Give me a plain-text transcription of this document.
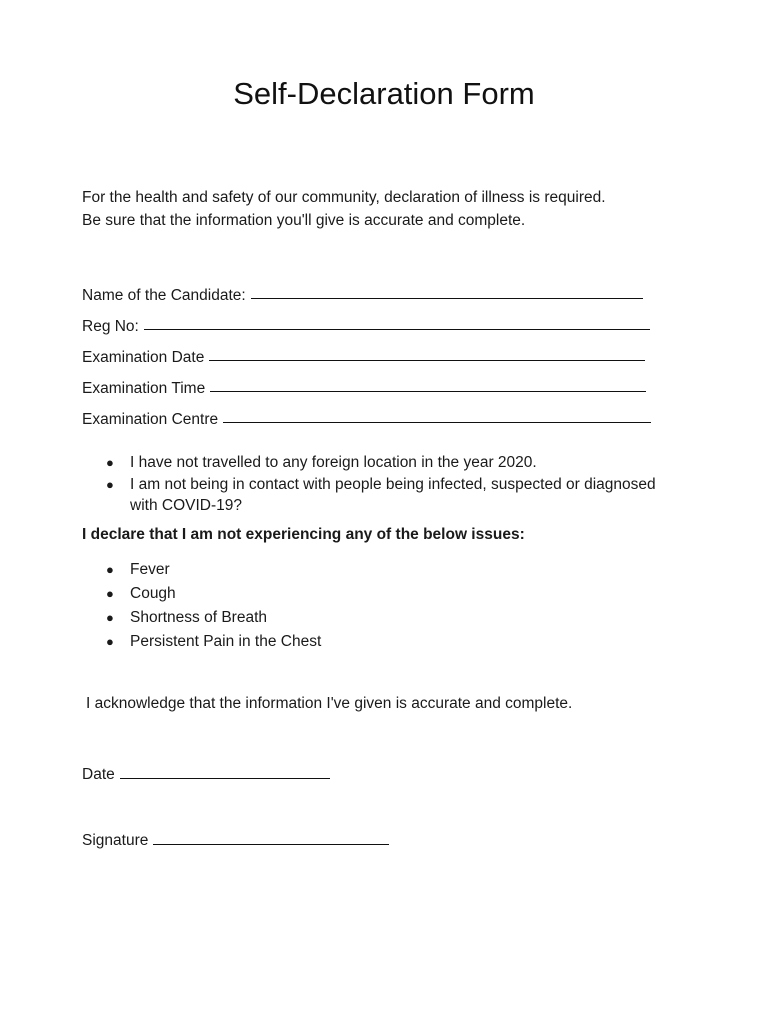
Self-Declaration Form

For the health and safety of our community, declaration of illness is required.

Be sure that the information you'll give is accurate and complete.

Name of the Candidate:
Reg No:
Examination Date
Examination Time
Examination Centre
● I have not travelled to any foreign location in the year 2020.
● I am not being in contact with people being infected, suspected or diagnosed with COVID-19?

I declare that I am not experiencing any of the below issues:

● Fever
● Cough
● Shortness of Breath
● Persistent Pain in the Chest

I acknowledge that the information I've given is accurate and complete.

Date
Signature
